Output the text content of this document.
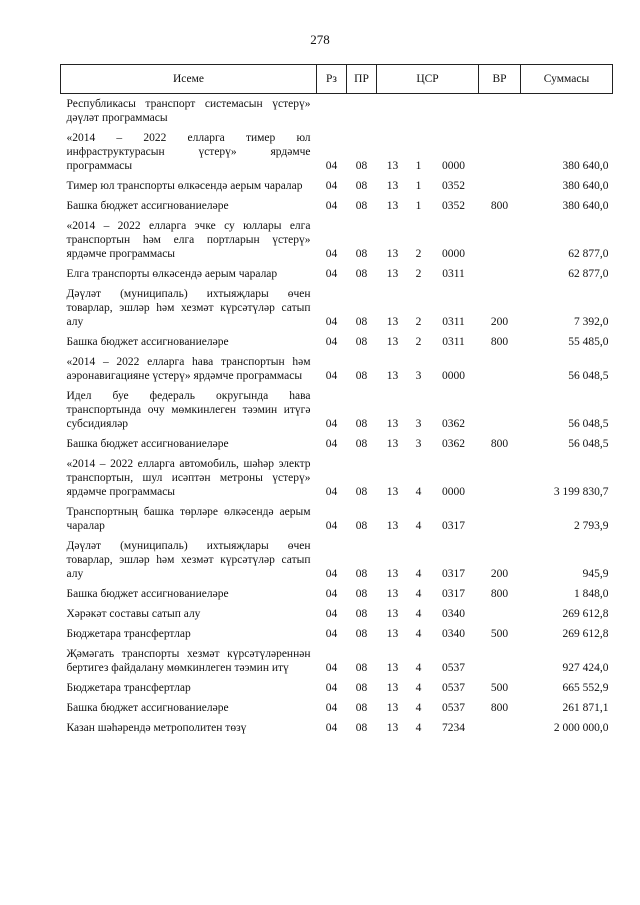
278
Исеме	Рз	ПР	ЦСР			ВР	Суммасы
Республикасы транспорт системасын үстерү» дәүләт программасы							
«2014 – 2022 елларга тимер юл инфраструктурасын үстерү» ярдәмче программасы	04	08	13	1	0000		380 640,0
Тимер юл транспорты өлкәсендә аерым чаралар	04	08	13	1	0352		380 640,0
Башка бюджет ассигнованиеләре	04	08	13	1	0352	800	380 640,0
«2014 – 2022 елларга эчке су юллары елга транспортын һәм елга портларын үстерү» ярдәмче программасы	04	08	13	2	0000		62 877,0
Елга транспорты өлкәсендә аерым чаралар	04	08	13	2	0311		62 877,0
Дәүләт (муниципаль) ихтыяҗлары өчен товарлар, эшләр һәм хезмәт күрсәтүләр сатып алу	04	08	13	2	0311	200	7 392,0
Башка бюджет ассигнованиеләре	04	08	13	2	0311	800	55 485,0
«2014 – 2022 елларга һава транспортын һәм аэронавигацияне үстерү» ярдәмче программасы	04	08	13	3	0000		56 048,5
Идел буе федераль округында һава транспортында очу мөмкинлеген тәэмин итүгә субсидияләр	04	08	13	3	0362		56 048,5
Башка бюджет ассигнованиеләре	04	08	13	3	0362	800	56 048,5
«2014 – 2022 елларга автомобиль, шәһәр электр транспортын, шул исәптән метроны үстерү» ярдәмче программасы	04	08	13	4	0000		3 199 830,7
Транспортның башка төрләре өлкәсендә аерым чаралар	04	08	13	4	0317		2 793,9
Дәүләт (муниципаль) ихтыяҗлары өчен товарлар, эшләр һәм хезмәт күрсәтүләр сатып алу	04	08	13	4	0317	200	945,9
Башка бюджет ассигнованиеләре	04	08	13	4	0317	800	1 848,0
Хәрәкәт составы сатып алу	04	08	13	4	0340		269 612,8
Бюджетара трансфертлар	04	08	13	4	0340	500	269 612,8
Җәмәгать транспорты хезмәт күрсәтүләреннән бертигез файдалану мөмкинлеген тәэмин итү	04	08	13	4	0537		927 424,0
Бюджетара трансфертлар	04	08	13	4	0537	500	665 552,9
Башка бюджет ассигнованиеләре	04	08	13	4	0537	800	261 871,1
Казан шәһәрендә метрополитен төзү	04	08	13	4	7234		2 000 000,0
